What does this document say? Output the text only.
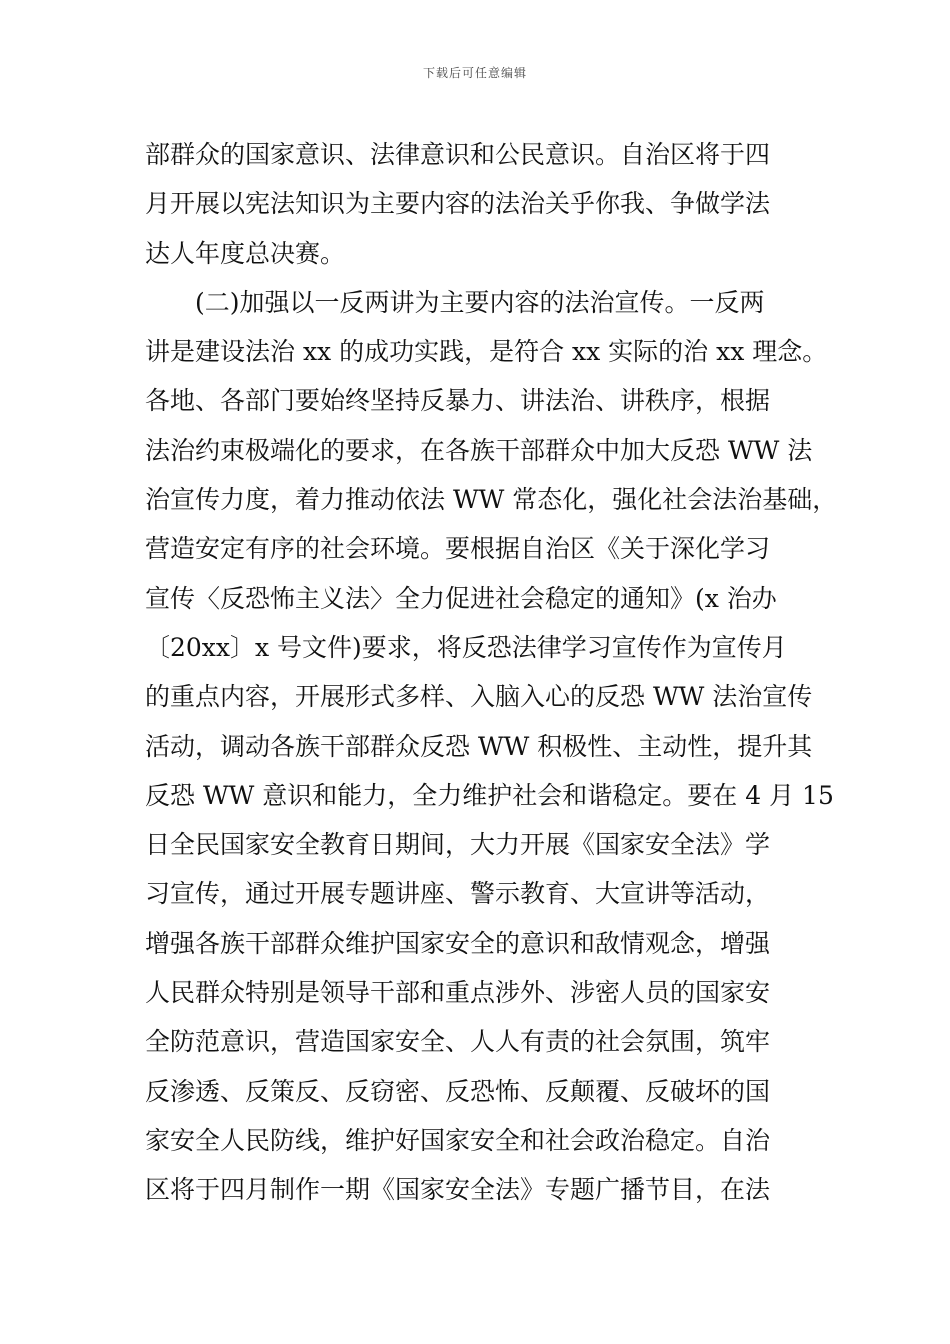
下载后可任意编辑
部群众的国家意识、法律意识和公民意识。自治区将于四
月开展以宪法知识为主要内容的法治关乎你我、争做学法
达人年度总决赛。
　　(二)加强以一反两讲为主要内容的法治宣传。一反两
讲是建设法治 xx 的成功实践，是符合 xx 实际的治 xx 理念。
各地、各部门要始终坚持反暴力、讲法治、讲秩序，根据
法治约束极端化的要求，在各族干部群众中加大反恐 WW 法
治宣传力度，着力推动依法 WW 常态化，强化社会法治基础，
营造安定有序的社会环境。要根据自治区《关于深化学习
宣传〈反恐怖主义法〉全力促进社会稳定的通知》(x 治办
〔20xx〕x 号文件)要求，将反恐法律学习宣传作为宣传月
的重点内容，开展形式多样、入脑入心的反恐 WW 法治宣传
活动，调动各族干部群众反恐 WW 积极性、主动性，提升其
反恐 WW 意识和能力，全力维护社会和谐稳定。要在 4 月 15
日全民国家安全教育日期间，大力开展《国家安全法》学
习宣传，通过开展专题讲座、警示教育、大宣讲等活动，
增强各族干部群众维护国家安全的意识和敌情观念，增强
人民群众特别是领导干部和重点涉外、涉密人员的国家安
全防范意识，营造国家安全、人人有责的社会氛围，筑牢
反渗透、反策反、反窃密、反恐怖、反颠覆、反破坏的国
家安全人民防线，维护好国家安全和社会政治稳定。自治
区将于四月制作一期《国家安全法》专题广播节目，在法
